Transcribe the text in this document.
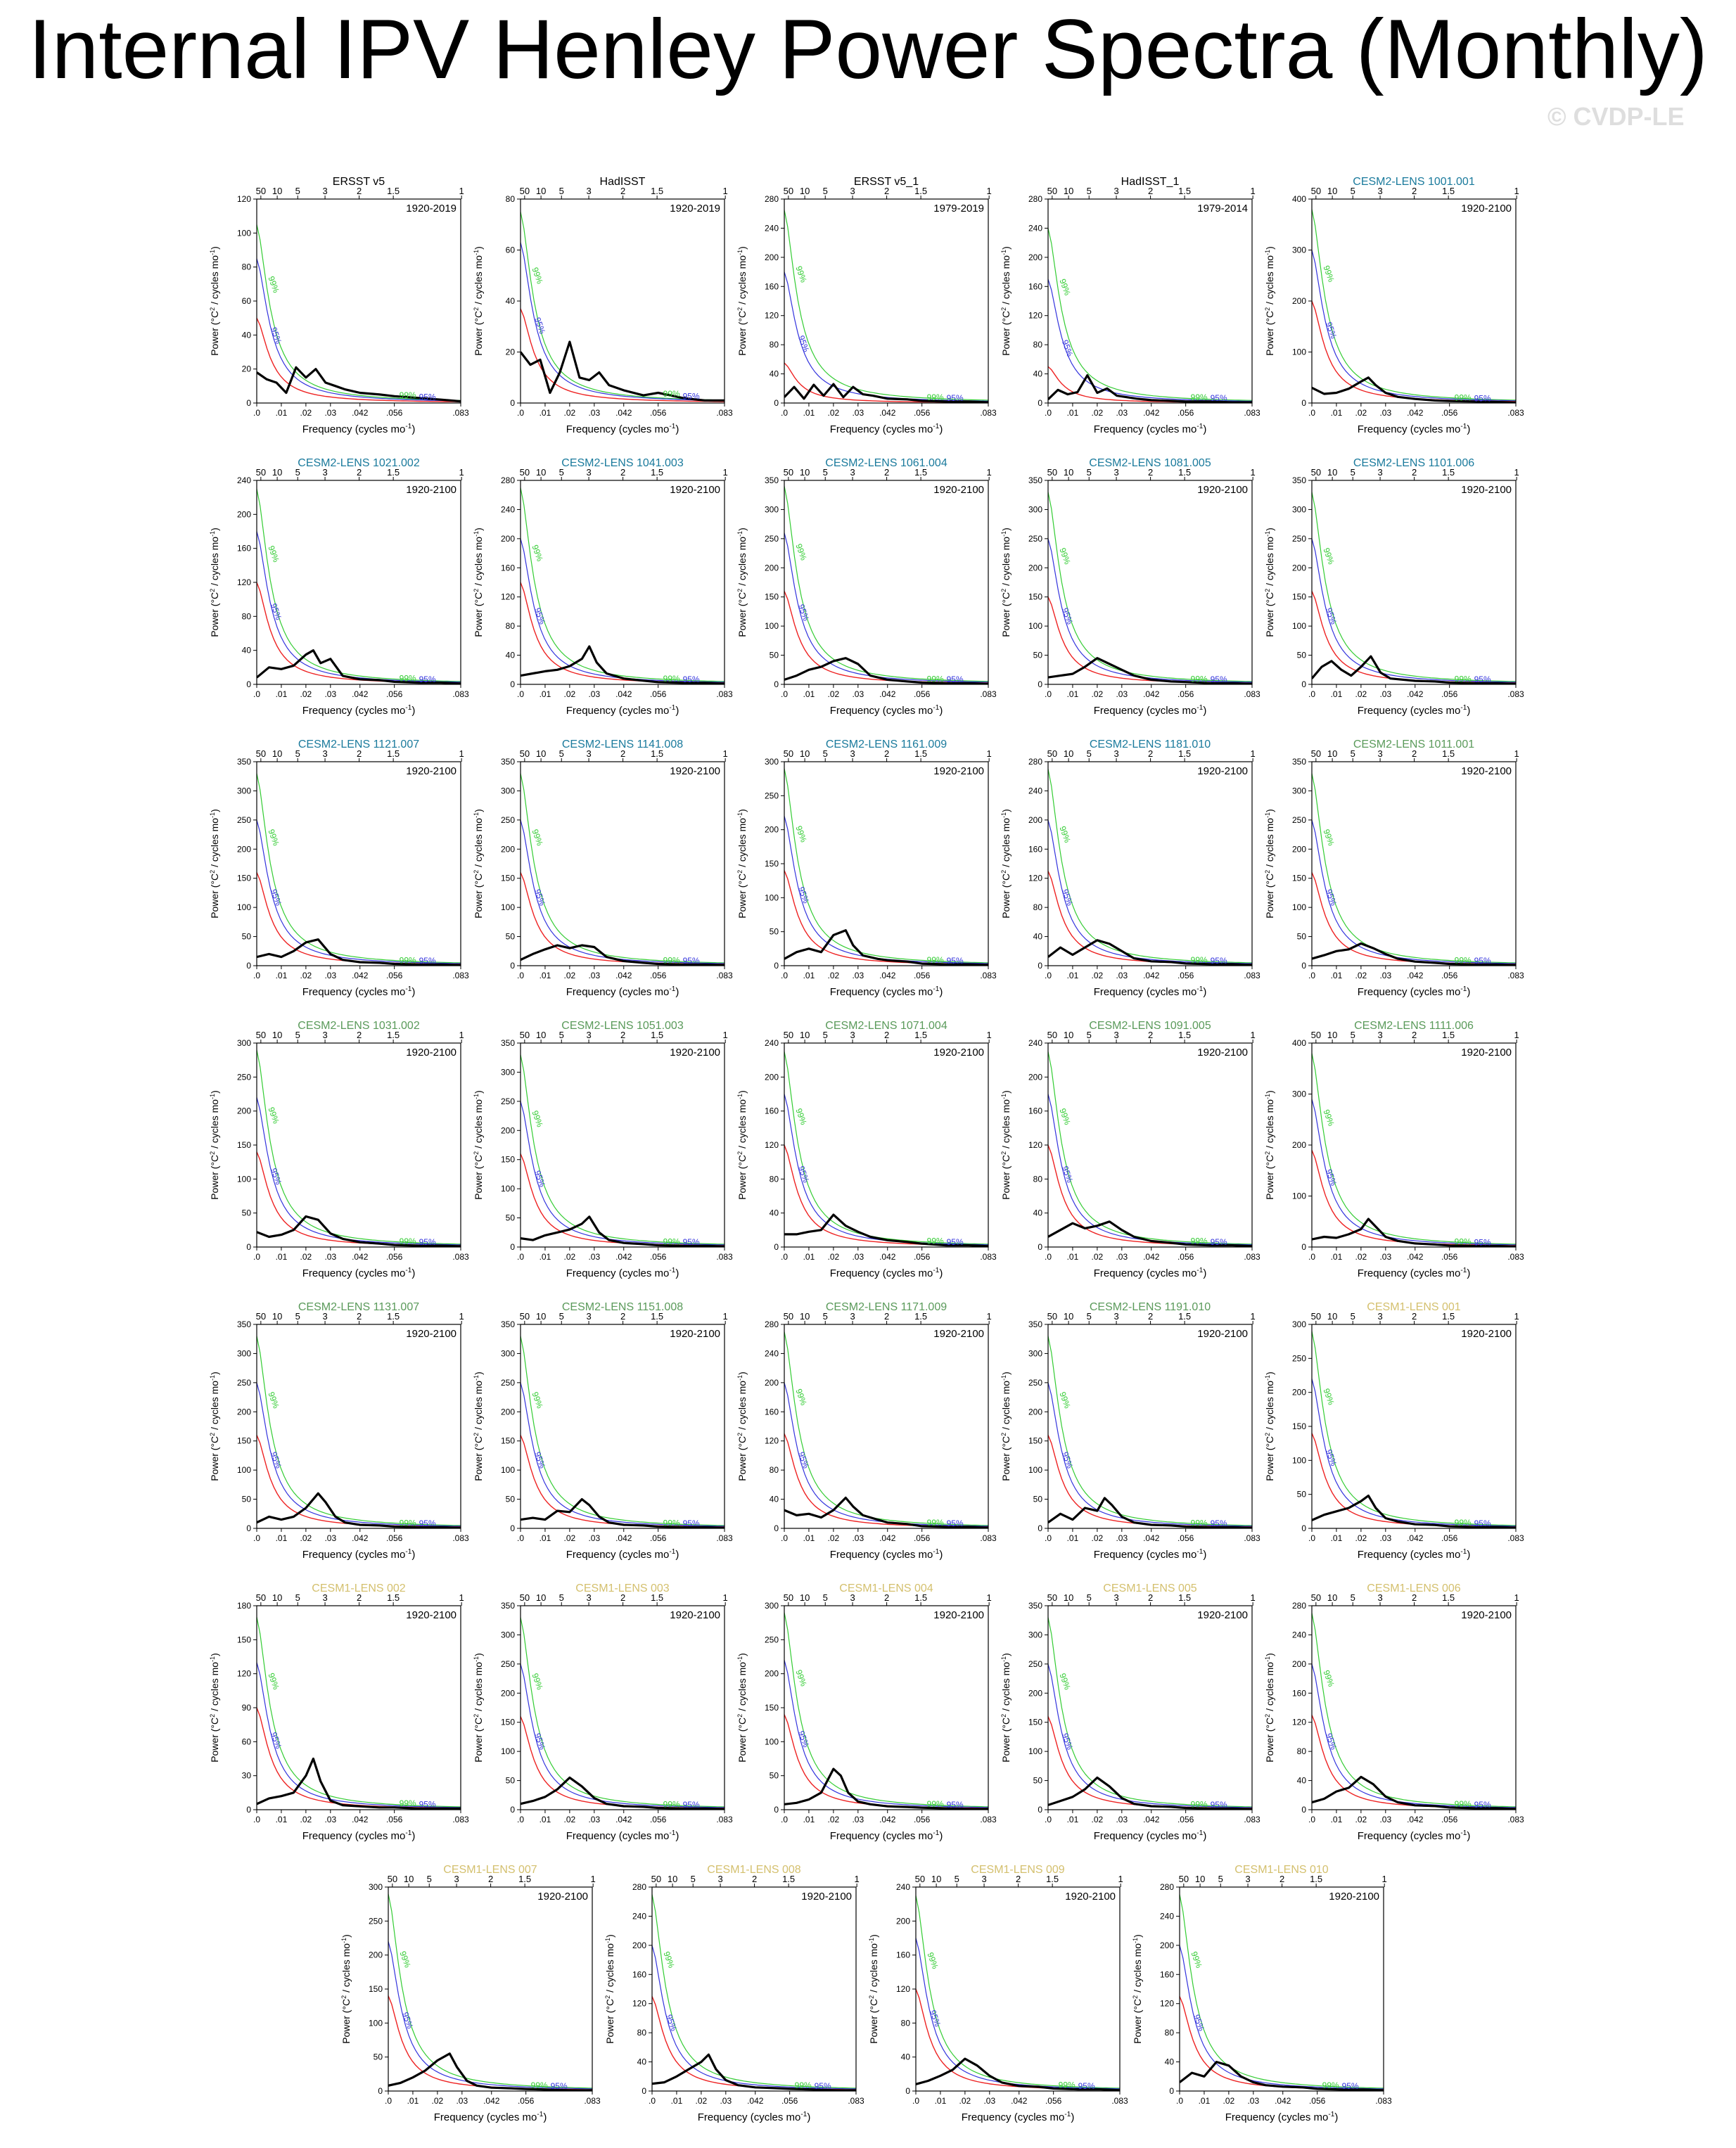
Internal IPV Henley Power Spectra (Monthly)
© CVDP-LE
ERSST v5
1920-2019
50 10 5 3	2	1.5	1
.0 .01 .02 .03 .042 .056	.083
0
20
40
60
80
100
120
Frequency (cycles $mo^{-1}$)
Power ($^\circ C^2$ / cycles $mo^{-1}$)
99%
95%
99% 95%
HadISST
1920-2019
50 10 5 3	2	1.5	1
.0 .01 .02 .03 .042 .056	.083
0
20
40
60
80
Frequency (cycles $mo^{-1}$)
Power ($^\circ C^2$ / cycles $mo^{-1}$)
99%
95%
99% 95%
ERSST v5_1
1979-2019
50 10 5 3	2	1.5	1
.0 .01 .02 .03 .042 .056	.083
0
40
80
120
160
200
240
280
Frequency (cycles $mo^{-1}$)
Power ($^\circ C^2$ / cycles $mo^{-1}$)
99%
95%
99% 95%
HadISST_1
1979-2014
50 10 5 3	2	1.5	1
.0 .01 .02 .03 .042 .056	.083
0
40
80
120
160
200
240
280
Frequency (cycles $mo^{-1}$)
Power ($^\circ C^2$ / cycles $mo^{-1}$)
99%
95%
99% 95%
CESM2-LENS 1001.001
1920-2100
50 10 5 3	2	1.5	1
.0 .01 .02 .03 .042 .056	.083
0
100
200
300
400
Frequency (cycles $mo^{-1}$)
Power ($^\circ C^2$ / cycles $mo^{-1}$)
99%
95%
99% 95%
CESM2-LENS 1021.002
1920-2100
50 10 5 3	2	1.5	1
.0 .01 .02 .03 .042 .056	.083
0
40
80
120
160
200
240
Frequency (cycles $mo^{-1}$)
Power ($^\circ C^2$ / cycles $mo^{-1}$)
99%
95%
99% 95%
CESM2-LENS 1041.003
1920-2100
50 10 5 3	2	1.5	1
.0 .01 .02 .03 .042 .056	.083
0
40
80
120
160
200
240
280
Frequency (cycles $mo^{-1}$)
Power ($^\circ C^2$ / cycles $mo^{-1}$)
99%
95%
99% 95%
CESM2-LENS 1061.004
1920-2100
50 10 5 3	2	1.5	1
.0 .01 .02 .03 .042 .056	.083
0
50
100
150
200
250
300
350
Frequency (cycles $mo^{-1}$)
Power ($^\circ C^2$ / cycles $mo^{-1}$)
99%
95%
99% 95%
CESM2-LENS 1081.005
1920-2100
50 10 5 3	2	1.5	1
.0 .01 .02 .03 .042 .056	.083
0
50
100
150
200
250
300
350
Frequency (cycles $mo^{-1}$)
Power ($^\circ C^2$ / cycles $mo^{-1}$)
99%
95%
99% 95%
CESM2-LENS 1101.006
1920-2100
50 10 5 3	2	1.5	1
.0 .01 .02 .03 .042 .056	.083
0
50
100
150
200
250
300
350
Frequency (cycles $mo^{-1}$)
Power ($^\circ C^2$ / cycles $mo^{-1}$)
99%
95%
99% 95%
CESM2-LENS 1121.007
1920-2100
50 10 5 3	2	1.5	1
.0 .01 .02 .03 .042 .056	.083
0
50
100
150
200
250
300
350
Frequency (cycles $mo^{-1}$)
Power ($^\circ C^2$ / cycles $mo^{-1}$)
99%
95%
99% 95%
CESM2-LENS 1141.008
1920-2100
50 10 5 3	2	1.5	1
.0 .01 .02 .03 .042 .056	.083
0
50
100
150
200
250
300
350
Frequency (cycles $mo^{-1}$)
Power ($^\circ C^2$ / cycles $mo^{-1}$)
99%
95%
99% 95%
CESM2-LENS 1161.009
1920-2100
50 10 5 3	2	1.5	1
.0 .01 .02 .03 .042 .056	.083
0
50
100
150
200
250
300
Frequency (cycles $mo^{-1}$)
Power ($^\circ C^2$ / cycles $mo^{-1}$)
99%
95%
99% 95%
CESM2-LENS 1181.010
1920-2100
50 10 5 3	2	1.5	1
.0 .01 .02 .03 .042 .056	.083
0
40
80
120
160
200
240
280
Frequency (cycles $mo^{-1}$)
Power ($^\circ C^2$ / cycles $mo^{-1}$)
99%
95%
99% 95%
CESM2-LENS 1011.001
1920-2100
50 10 5 3	2	1.5	1
.0 .01 .02 .03 .042 .056	.083
0
50
100
150
200
250
300
350
Frequency (cycles $mo^{-1}$)
Power ($^\circ C^2$ / cycles $mo^{-1}$)
99%
95%
99% 95%
CESM2-LENS 1031.002
1920-2100
50 10 5 3	2	1.5	1
.0 .01 .02 .03 .042 .056	.083
0
50
100
150
200
250
300
Frequency (cycles $mo^{-1}$)
Power ($^\circ C^2$ / cycles $mo^{-1}$)
99%
95%
99% 95%
CESM2-LENS 1051.003
1920-2100
50 10 5 3	2	1.5	1
.0 .01 .02 .03 .042 .056	.083
0
50
100
150
200
250
300
350
Frequency (cycles $mo^{-1}$)
Power ($^\circ C^2$ / cycles $mo^{-1}$)
99%
95%
99% 95%
CESM2-LENS 1071.004
1920-2100
50 10 5 3	2	1.5	1
.0 .01 .02 .03 .042 .056	.083
0
40
80
120
160
200
240
Frequency (cycles $mo^{-1}$)
Power ($^\circ C^2$ / cycles $mo^{-1}$)
99%
95%
99% 95%
CESM2-LENS 1091.005
1920-2100
50 10 5 3	2	1.5	1
.0 .01 .02 .03 .042 .056	.083
0
40
80
120
160
200
240
Frequency (cycles $mo^{-1}$)
Power ($^\circ C^2$ / cycles $mo^{-1}$)
99%
95%
99% 95%
CESM2-LENS 1111.006
1920-2100
50 10 5 3	2	1.5	1
.0 .01 .02 .03 .042 .056	.083
0
100
200
300
400
Frequency (cycles $mo^{-1}$)
Power ($^\circ C^2$ / cycles $mo^{-1}$)
99%
95%
99% 95%
CESM2-LENS 1131.007
1920-2100
50 10 5 3	2	1.5	1
.0 .01 .02 .03 .042 .056	.083
0
50
100
150
200
250
300
350
Frequency (cycles $mo^{-1}$)
Power ($^\circ C^2$ / cycles $mo^{-1}$)
99%
95%
99% 95%
CESM2-LENS 1151.008
1920-2100
50 10 5 3	2	1.5	1
.0 .01 .02 .03 .042 .056	.083
0
50
100
150
200
250
300
350
Frequency (cycles $mo^{-1}$)
Power ($^\circ C^2$ / cycles $mo^{-1}$)
99%
95%
99% 95%
CESM2-LENS 1171.009
1920-2100
50 10 5 3	2	1.5	1
.0 .01 .02 .03 .042 .056	.083
0
40
80
120
160
200
240
280
Frequency (cycles $mo^{-1}$)
Power ($^\circ C^2$ / cycles $mo^{-1}$)
99%
95%
99% 95%
CESM2-LENS 1191.010
1920-2100
50 10 5 3	2	1.5	1
.0 .01 .02 .03 .042 .056	.083
0
50
100
150
200
250
300
350
Frequency (cycles $mo^{-1}$)
Power ($^\circ C^2$ / cycles $mo^{-1}$)
99%
95%
99% 95%
CESM1-LENS 001
1920-2100
50 10 5 3	2	1.5	1
.0 .01 .02 .03 .042 .056	.083
0
50
100
150
200
250
300
Frequency (cycles $mo^{-1}$)
Power ($^\circ C^2$ / cycles $mo^{-1}$)
99%
95%
99% 95%
CESM1-LENS 002
1920-2100
50 10 5 3	2	1.5	1
.0 .01 .02 .03 .042 .056	.083
0
30
60
90
120
150
180
Frequency (cycles $mo^{-1}$)
Power ($^\circ C^2$ / cycles $mo^{-1}$)
99%
95%
99% 95%
CESM1-LENS 003
1920-2100
50 10 5 3	2	1.5	1
.0 .01 .02 .03 .042 .056	.083
0
50
100
150
200
250
300
350
Frequency (cycles $mo^{-1}$)
Power ($^\circ C^2$ / cycles $mo^{-1}$)
99%
95%
99% 95%
CESM1-LENS 004
1920-2100
50 10 5 3	2	1.5	1
.0 .01 .02 .03 .042 .056	.083
0
50
100
150
200
250
300
Frequency (cycles $mo^{-1}$)
Power ($^\circ C^2$ / cycles $mo^{-1}$)
99%
95%
99% 95%
CESM1-LENS 005
1920-2100
50 10 5 3	2	1.5	1
.0 .01 .02 .03 .042 .056	.083
0
50
100
150
200
250
300
350
Frequency (cycles $mo^{-1}$)
Power ($^\circ C^2$ / cycles $mo^{-1}$)
99%
95%
99% 95%
CESM1-LENS 006
1920-2100
50 10 5 3	2	1.5	1
.0 .01 .02 .03 .042 .056	.083
0
40
80
120
160
200
240
280
Frequency (cycles $mo^{-1}$)
Power ($^\circ C^2$ / cycles $mo^{-1}$)
99%
95%
99% 95%
CESM1-LENS 007
1920-2100
50 10 5 3	2	1.5	1
.0 .01 .02 .03 .042 .056	.083
0
50
100
150
200
250
300
Frequency (cycles $mo^{-1}$)
Power ($^\circ C^2$ / cycles $mo^{-1}$)
99%
95%
99% 95%
CESM1-LENS 008
1920-2100
50 10 5 3	2	1.5	1
.0 .01 .02 .03 .042 .056	.083
0
40
80
120
160
200
240
280
Frequency (cycles $mo^{-1}$)
Power ($^\circ C^2$ / cycles $mo^{-1}$)
99%
95%
99% 95%
CESM1-LENS 009
1920-2100
50 10 5 3	2	1.5	1
.0 .01 .02 .03 .042 .056	.083
0
40
80
120
160
200
240
Frequency (cycles $mo^{-1}$)
Power ($^\circ C^2$ / cycles $mo^{-1}$)
99%
95%
99% 95%
CESM1-LENS 010
1920-2100
50 10 5 3	2	1.5	1
.0 .01 .02 .03 .042 .056	.083
0
40
80
120
160
200
240
280
Frequency (cycles $mo^{-1}$)
Power ($^\circ C^2$ / cycles $mo^{-1}$)
99%
95%
99% 95%
